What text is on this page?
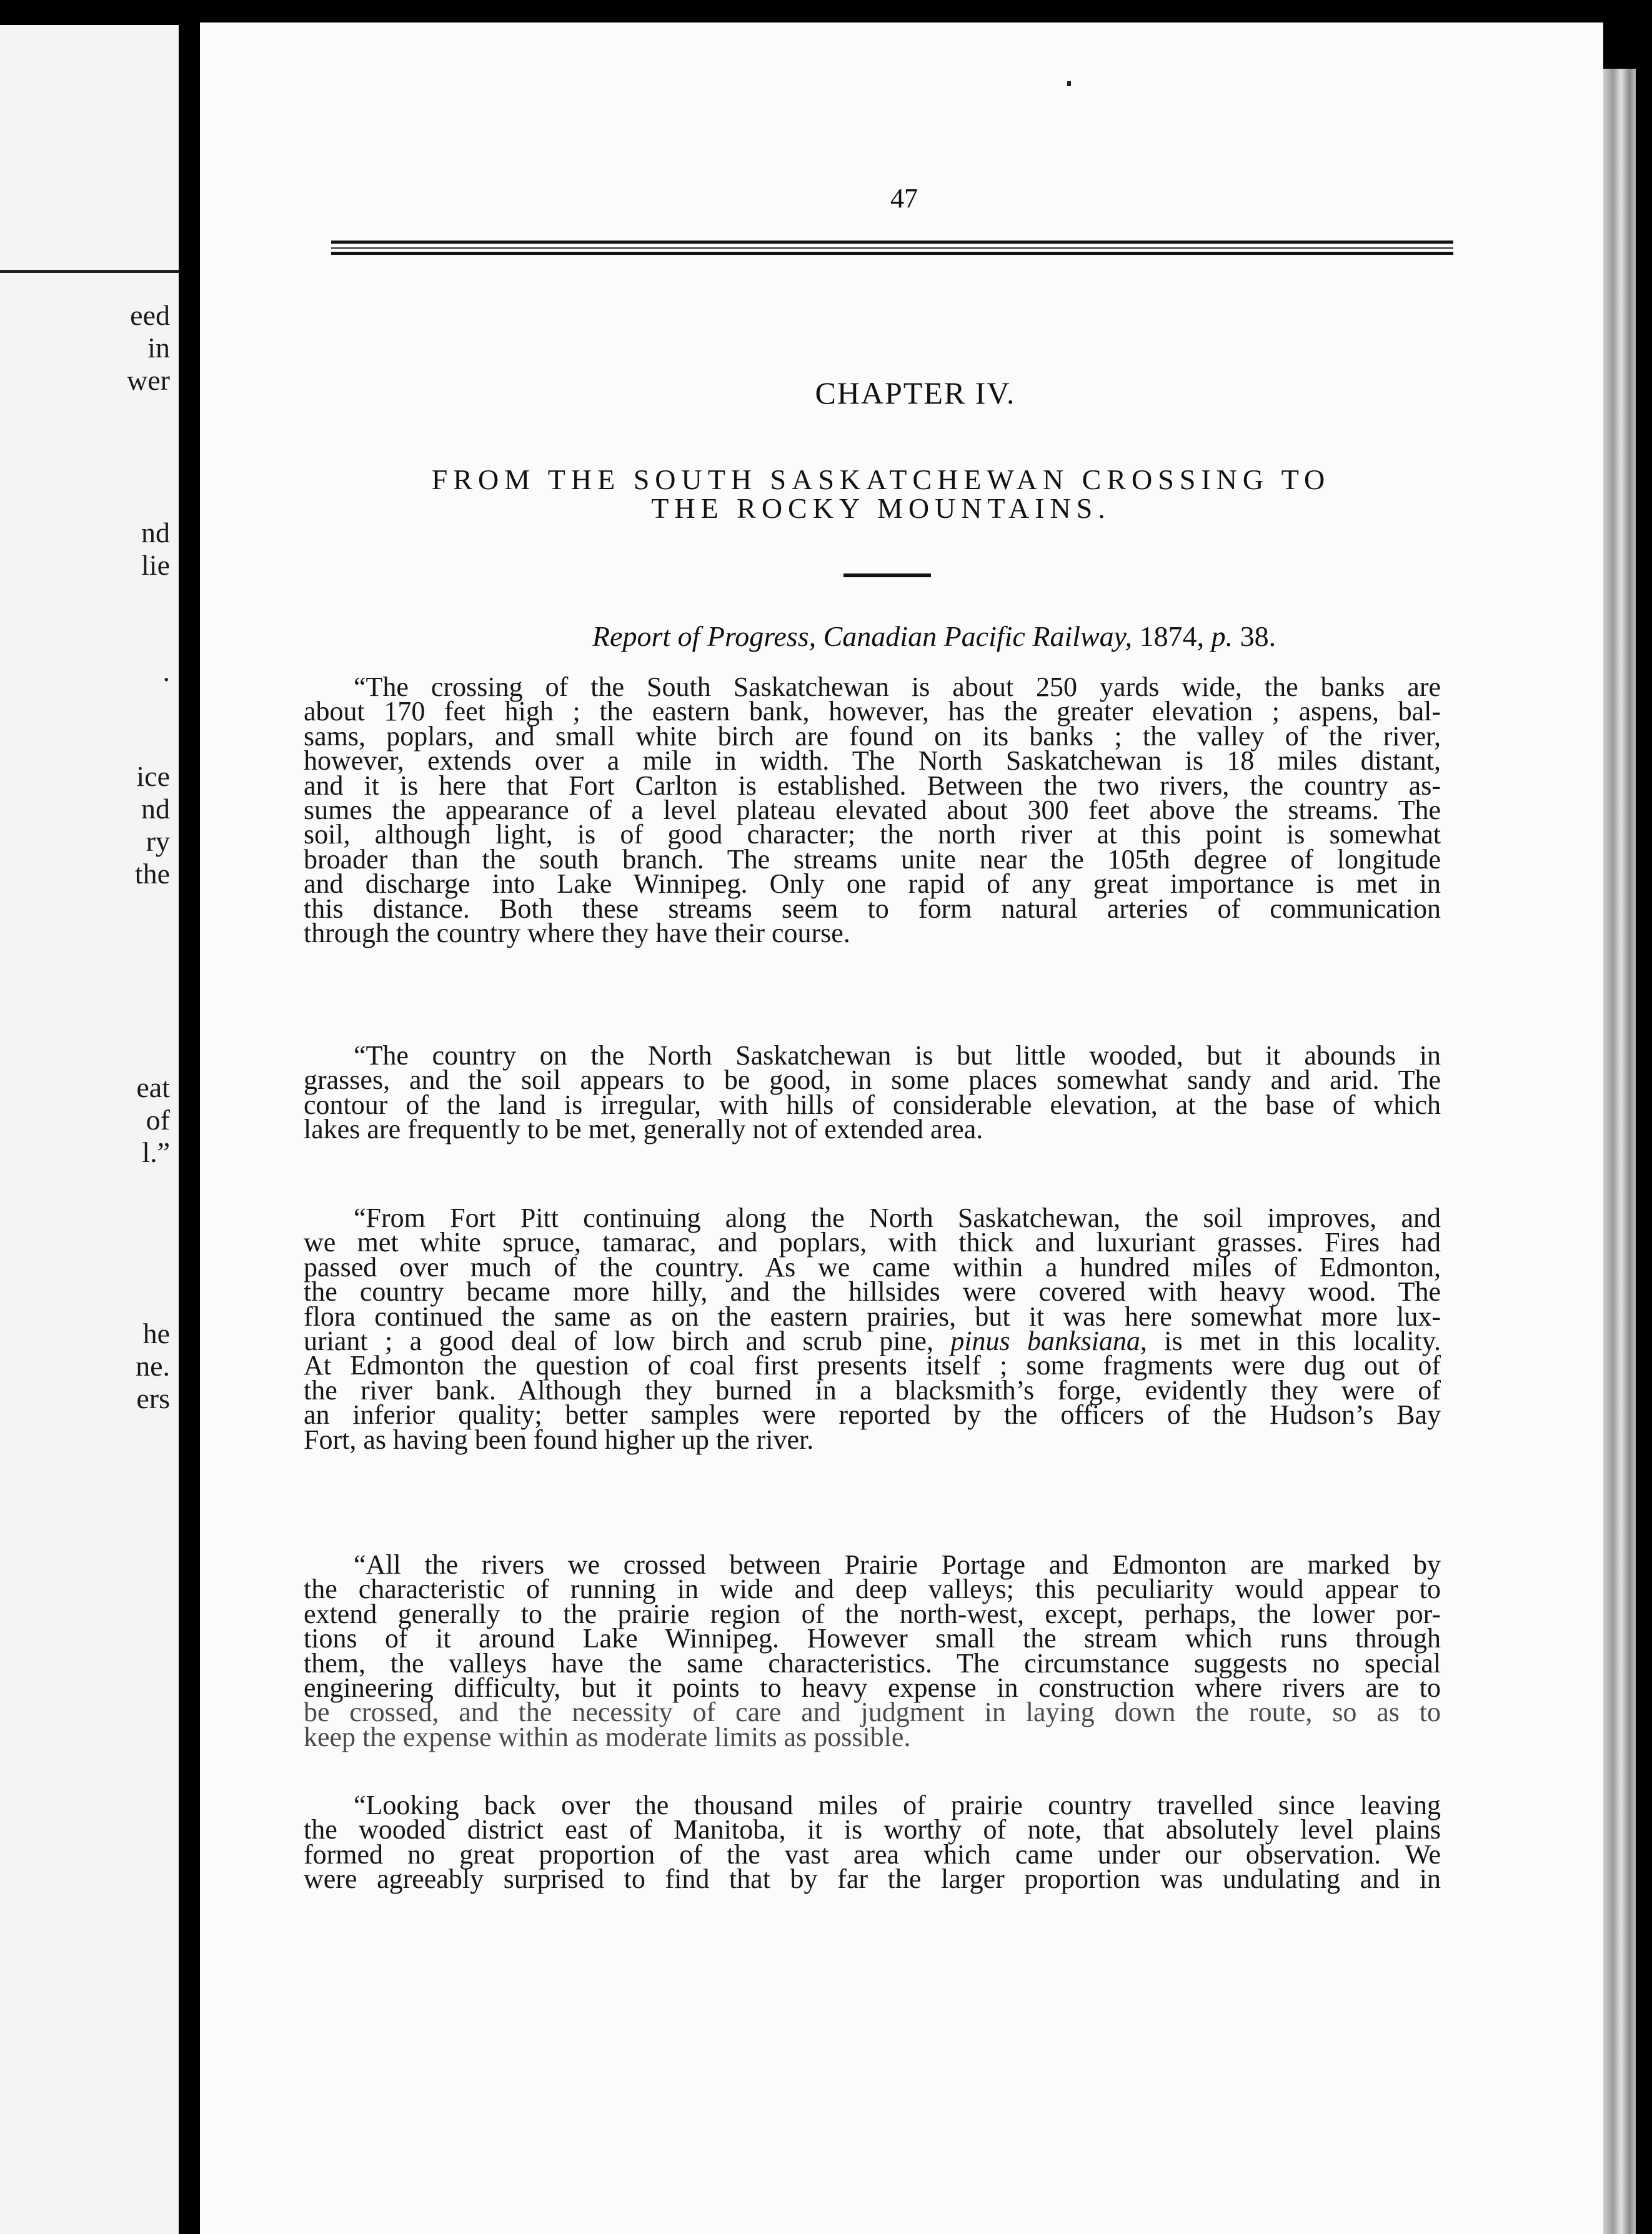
eed
in
wer
nd
lie
.
ice
nd
ry
the
eat
of
l.”
he
ne.
ers
47
CHAPTER IV.
FROM THE SOUTH SASKATCHEWAN CROSSING TO
THE ROCKY MOUNTAINS.
Report of Progress, Canadian Pacific Railway, 1874, p. 38.

“The crossing of the South Saskatchewan is about 250 yards wide, the banks are
about 170 feet high ; the eastern bank, however, has the greater elevation ; aspens, bal-
sams, poplars, and small white birch are found on its banks ; the valley of the river,
however, extends over a mile in width. The North Saskatchewan is 18 miles distant,
and it is here that Fort Carlton is established. Between the two rivers, the country as-
sumes the appearance of a level plateau elevated about 300 feet above the streams. The
soil, although light, is of good character; the north river at this point is somewhat
broader than the south branch. The streams unite near the 105th degree of longitude
and discharge into Lake Winnipeg. Only one rapid of any great importance is met in
this distance. Both these streams seem to form natural arteries of communication
through the country where they have their course.

“The country on the North Saskatchewan is but little wooded, but it abounds in
grasses, and the soil appears to be good, in some places somewhat sandy and arid. The
contour of the land is irregular, with hills of considerable elevation, at the base of which
lakes are frequently to be met, generally not of extended area.

“From Fort Pitt continuing along the North Saskatchewan, the soil improves, and
we met white spruce, tamarac, and poplars, with thick and luxuriant grasses. Fires had
passed over much of the country. As we came within a hundred miles of Edmonton,
the country became more hilly, and the hillsides were covered with heavy wood. The
flora continued the same as on the eastern prairies, but it was here somewhat more lux-
uriant ; a good deal of low birch and scrub pine, pinus banksiana, is met in this locality.
At Edmonton the question of coal first presents itself ; some fragments were dug out of
the river bank. Although they burned in a blacksmith’s forge, evidently they were of
an inferior quality; better samples were reported by the officers of the Hudson’s Bay
Fort, as having been found higher up the river.

“All the rivers we crossed between Prairie Portage and Edmonton are marked by
the characteristic of running in wide and deep valleys; this peculiarity would appear to
extend generally to the prairie region of the north-west, except, perhaps, the lower por-
tions of it around Lake Winnipeg. However small the stream which runs through
them, the valleys have the same characteristics. The circumstance suggests no special
engineering difficulty, but it points to heavy expense in construction where rivers are to
be crossed, and the necessity of care and judgment in laying down the route, so as to
keep the expense within as moderate limits as possible.

“Looking back over the thousand miles of prairie country travelled since leaving
the wooded district east of Manitoba, it is worthy of note, that absolutely level plains
formed no great proportion of the vast area which came under our observation. We
were agreeably surprised to find that by far the larger proportion was undulating and in
